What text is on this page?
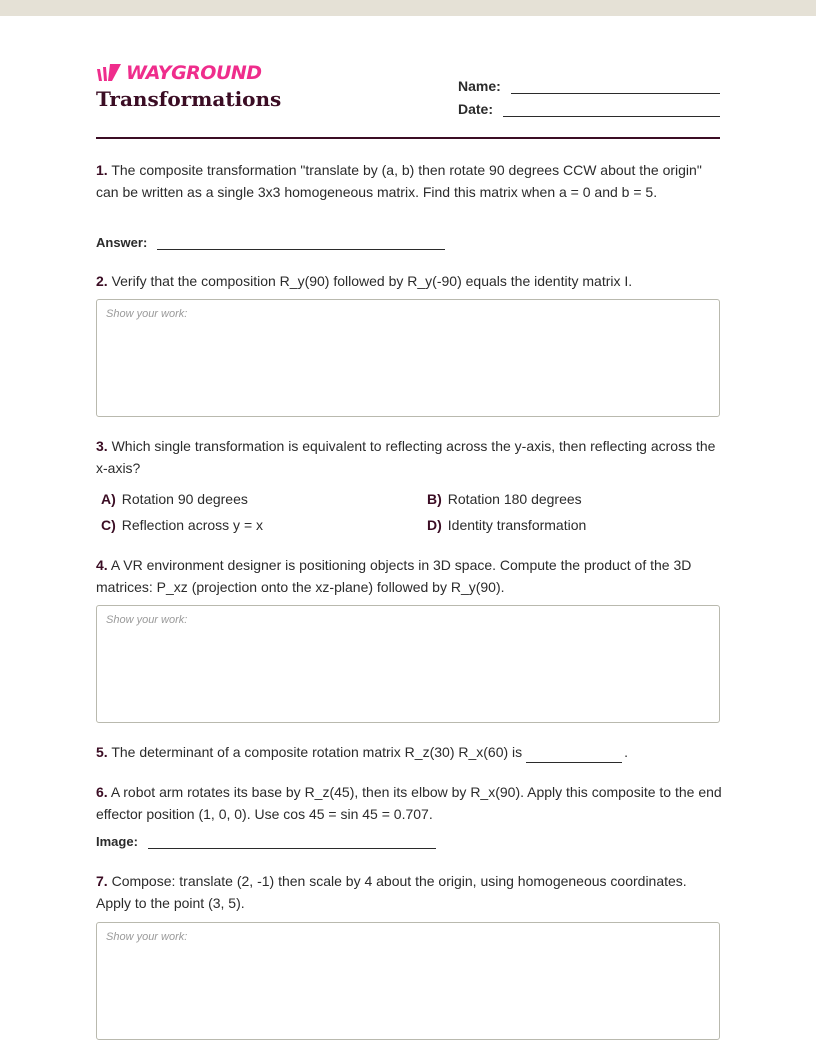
WAYGROUND
Transformations
Name:
Date:
1. The composite transformation "translate by (a, b) then rotate 90 degrees CCW about the origin" can be written as a single 3x3 homogeneous matrix. Find this matrix when a = 0 and b = 5.
Answer:
2. Verify that the composition R_y(90) followed by R_y(-90) equals the identity matrix I.
Show your work:
3. Which single transformation is equivalent to reflecting across the y-axis, then reflecting across the x-axis?
A) Rotation 90 degrees	B) Rotation 180 degrees
C) Reflection across y = x	D) Identity transformation
4. A VR environment designer is positioning objects in 3D space. Compute the product of the 3D matrices: P_xz (projection onto the xz-plane) followed by R_y(90).
Show your work:
5. The determinant of a composite rotation matrix R_z(30) R_x(60) is	.
6. A robot arm rotates its base by R_z(45), then its elbow by R_x(90). Apply this composite to the end effector position (1, 0, 0). Use cos 45 = sin 45 = 0.707.
Image:
7. Compose: translate (2, -1) then scale by 4 about the origin, using homogeneous coordinates. Apply to the point (3, 5).
Show your work:
